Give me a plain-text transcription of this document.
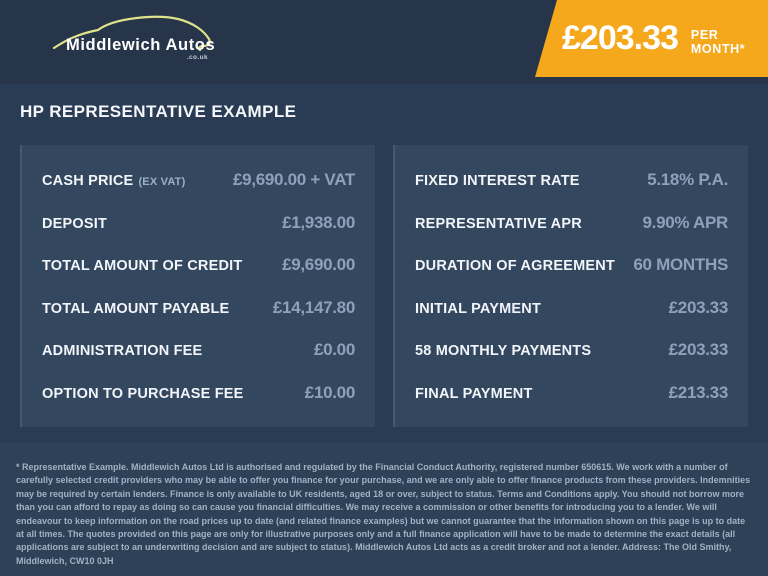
Middlewich Autos
.co.uk
£203.33 PER MONTH*
HP REPRESENTATIVE EXAMPLE
CASH PRICE (EX VAT)	£9,690.00 + VAT
DEPOSIT	£1,938.00
TOTAL AMOUNT OF CREDIT £9,690.00
TOTAL AMOUNT PAYABLE	£14,147.80
ADMINISTRATION FEE	£0.00
OPTION TO PURCHASE FEE	£10.00
FIXED INTEREST RATE	5.18% P.A.
REPRESENTATIVE APR	9.90% APR
DURATION OF AGREEMENT 60 MONTHS
INITIAL PAYMENT	£203.33
58 MONTHLY PAYMENTS	£203.33
FINAL PAYMENT	£213.33

* Representative Example. Middlewich Autos Ltd is authorised and regulated by the Financial Conduct Authority, registered number 650615. We work with a number of carefully selected credit providers who may be able to offer you finance for your purchase, and we are only able to offer finance products from these providers. Indemnities may be required by certain lenders. Finance is only available to UK residents, aged 18 or over, subject to status. Terms and Conditions apply. You should not borrow more than you can afford to repay as doing so can cause you financial difficulties. We may receive a commission or other benefits for introducing you to a lender. We will endeavour to keep information on the road prices up to date (and related finance examples) but we cannot guarantee that the information shown on this page is up to date at all times. The quotes provided on this page are only for illustrative purposes only and a full finance application will have to be made to determine the exact details (all applications are subject to an underwriting decision and are subject to status). Middlewich Autos Ltd acts as a credit broker and not a lender. Address: The Old Smithy, Middlewich, CW10 0JH
